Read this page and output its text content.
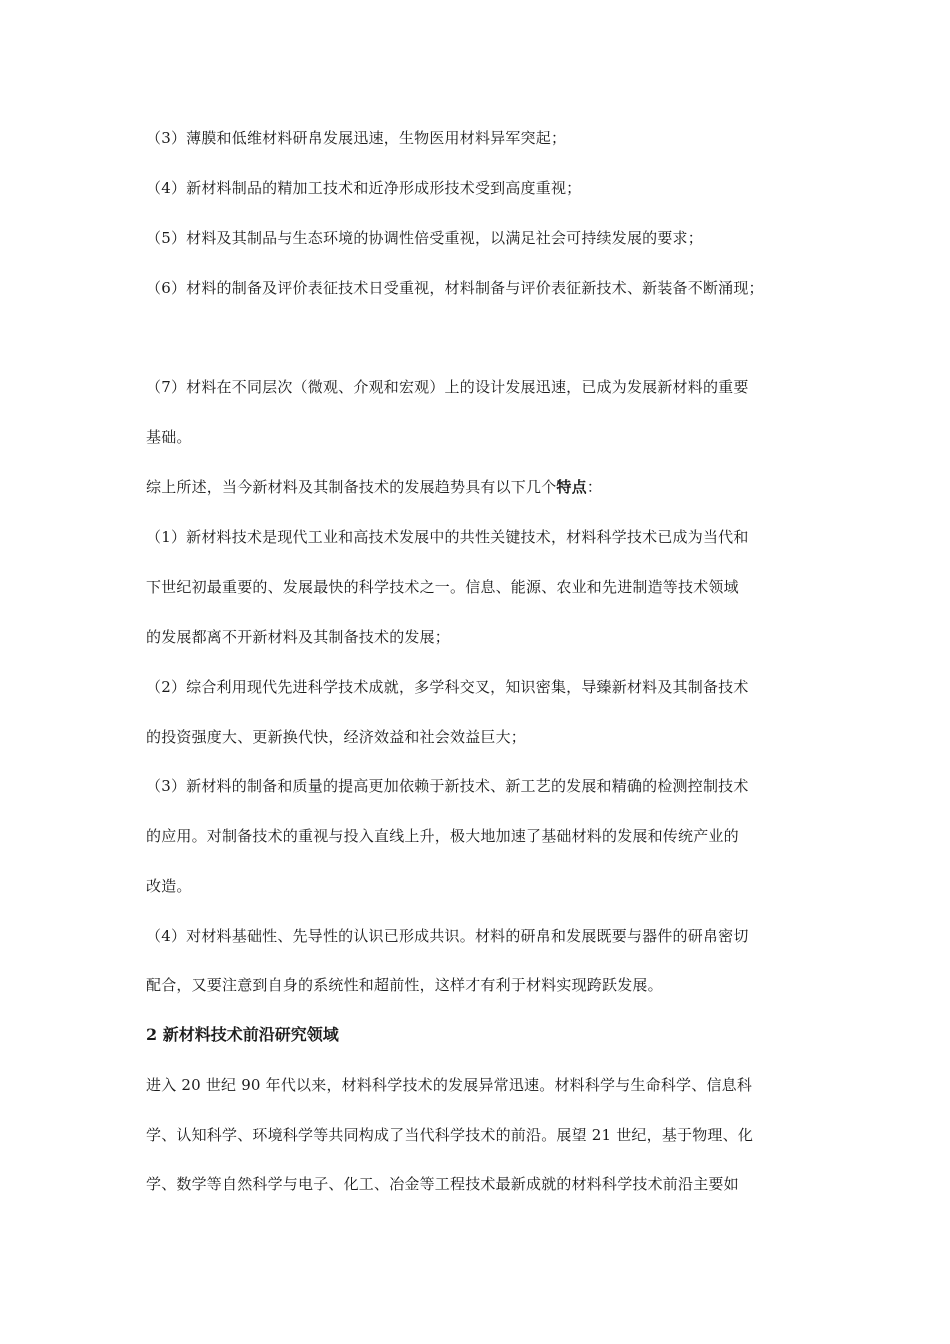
（3）薄膜和低维材料研帛发展迅速，生物医用材料异军突起；
（4）新材料制品的精加工技术和近净形成形技术受到高度重视；
（5）材料及其制品与生态环境的协调性倍受重视，以满足社会可持续发展的要求；
（6）材料的制备及评价表征技术日受重视，材料制备与评价表征新技术、新装备不断涌现；
（7）材料在不同层次（微观、介观和宏观）上的设计发展迅速，已成为发展新材料的重要
基础。
综上所述，当今新材料及其制备技术的发展趋势具有以下几个特点：
（1）新材料技术是现代工业和高技术发展中的共性关键技术，材料科学技术已成为当代和
下世纪初最重要的、发展最快的科学技术之一。信息、能源、农业和先进制造等技术领域
的发展都离不开新材料及其制备技术的发展；
（2）综合利用现代先进科学技术成就，多学科交叉，知识密集，导臻新材料及其制备技术
的投资强度大、更新换代快，经济效益和社会效益巨大；
（3）新材料的制备和质量的提高更加依赖于新技术、新工艺的发展和精确的检测控制技术
的应用。对制备技术的重视与投入直线上升，极大地加速了基础材料的发展和传统产业的
改造。
（4）对材料基础性、先导性的认识已形成共识。材料的研帛和发展既要与器件的研帛密切
配合，又要注意到自身的系统性和超前性，这样才有利于材料实现跨跃发展。
2 新材料技术前沿研究领域
进入 20 世纪 90 年代以来，材料科学技术的发展异常迅速。材料科学与生命科学、信息科
学、认知科学、环境科学等共同构成了当代科学技术的前沿。展望 21 世纪，基于物理、化
学、数学等自然科学与电子、化工、冶金等工程技术最新成就的材料科学技术前沿主要如
